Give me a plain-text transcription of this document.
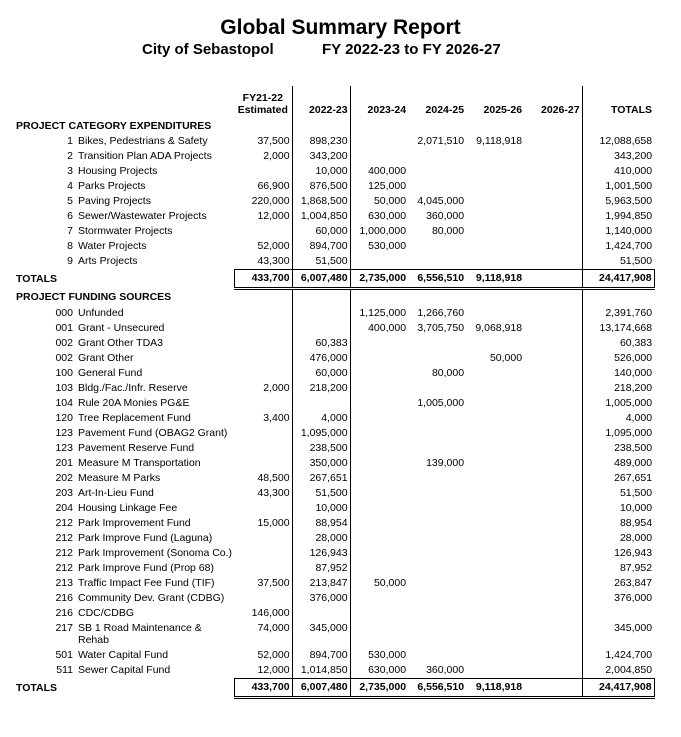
Global Summary Report
City of Sebastopol	FY 2022-23 to FY 2026-27
	FY21-22
Estimated	2022-23	2023-24	2024-25	2025-26	2026-27	TOTALS
PROJECT CATEGORY EXPENDITURES							
1 Bikes, Pedestrians & Safety	37,500	898,230		2,071,510	9,118,918		12,088,658
2 Transition Plan ADA Projects	2,000	343,200					343,200
3 Housing Projects		10,000	400,000				410,000
4 Parks Projects	66,900	876,500	125,000				1,001,500
5 Paving Projects	220,000	1,868,500	50,000	4,045,000			5,963,500
6 Sewer/Wastewater Projects	12,000	1,004,850	630,000	360,000			1,994,850
7 Stormwater Projects		60,000	1,000,000	80,000			1,140,000
8 Water Projects	52,000	894,700	530,000				1,424,700
9 Arts Projects	43,300	51,500					51,500
TOTALS	433,700	6,007,480	2,735,000	6,556,510	9,118,918		24,417,908
PROJECT FUNDING SOURCES							
000 Unfunded			1,125,000	1,266,760			2,391,760
001 Grant - Unsecured			400,000	3,705,750	9,068,918		13,174,668
002 Grant Other TDA3		60,383					60,383
002 Grant Other		476,000			50,000		526,000
100 General Fund		60,000		80,000			140,000
103 Bldg./Fac./Infr. Reserve	2,000	218,200					218,200
104 Rule 20A Monies PG&E				1,005,000			1,005,000
120 Tree Replacement Fund	3,400	4,000					4,000
123 Pavement Fund (OBAG2 Grant)		1,095,000					1,095,000
123 Pavement Reserve Fund		238,500					238,500
201 Measure M Transportation		350,000		139,000			489,000
202 Measure M Parks	48,500	267,651					267,651
203 Art-In-Lieu Fund	43,300	51,500					51,500
204 Housing Linkage Fee		10,000					10,000
212 Park Improvement Fund	15,000	88,954					88,954
212 Park Improve Fund (Laguna)		28,000					28,000
212 Park Improvement (Sonoma Co.)		126,943					126,943
212 Park Improve Fund (Prop 68)		87,952					87,952
213 Traffic Impact Fee Fund (TIF)	37,500	213,847	50,000				263,847
216 Community Dev. Grant (CDBG)		376,000					376,000
216 CDC/CDBG	146,000						
217 SB 1 Road Maintenance &
Rehab	74,000	345,000					345,000
501 Water Capital Fund	52,000	894,700	530,000				1,424,700
511 Sewer Capital Fund	12,000	1,014,850	630,000	360,000			2,004,850
TOTALS	433,700	6,007,480	2,735,000	6,556,510	9,118,918		24,417,908
